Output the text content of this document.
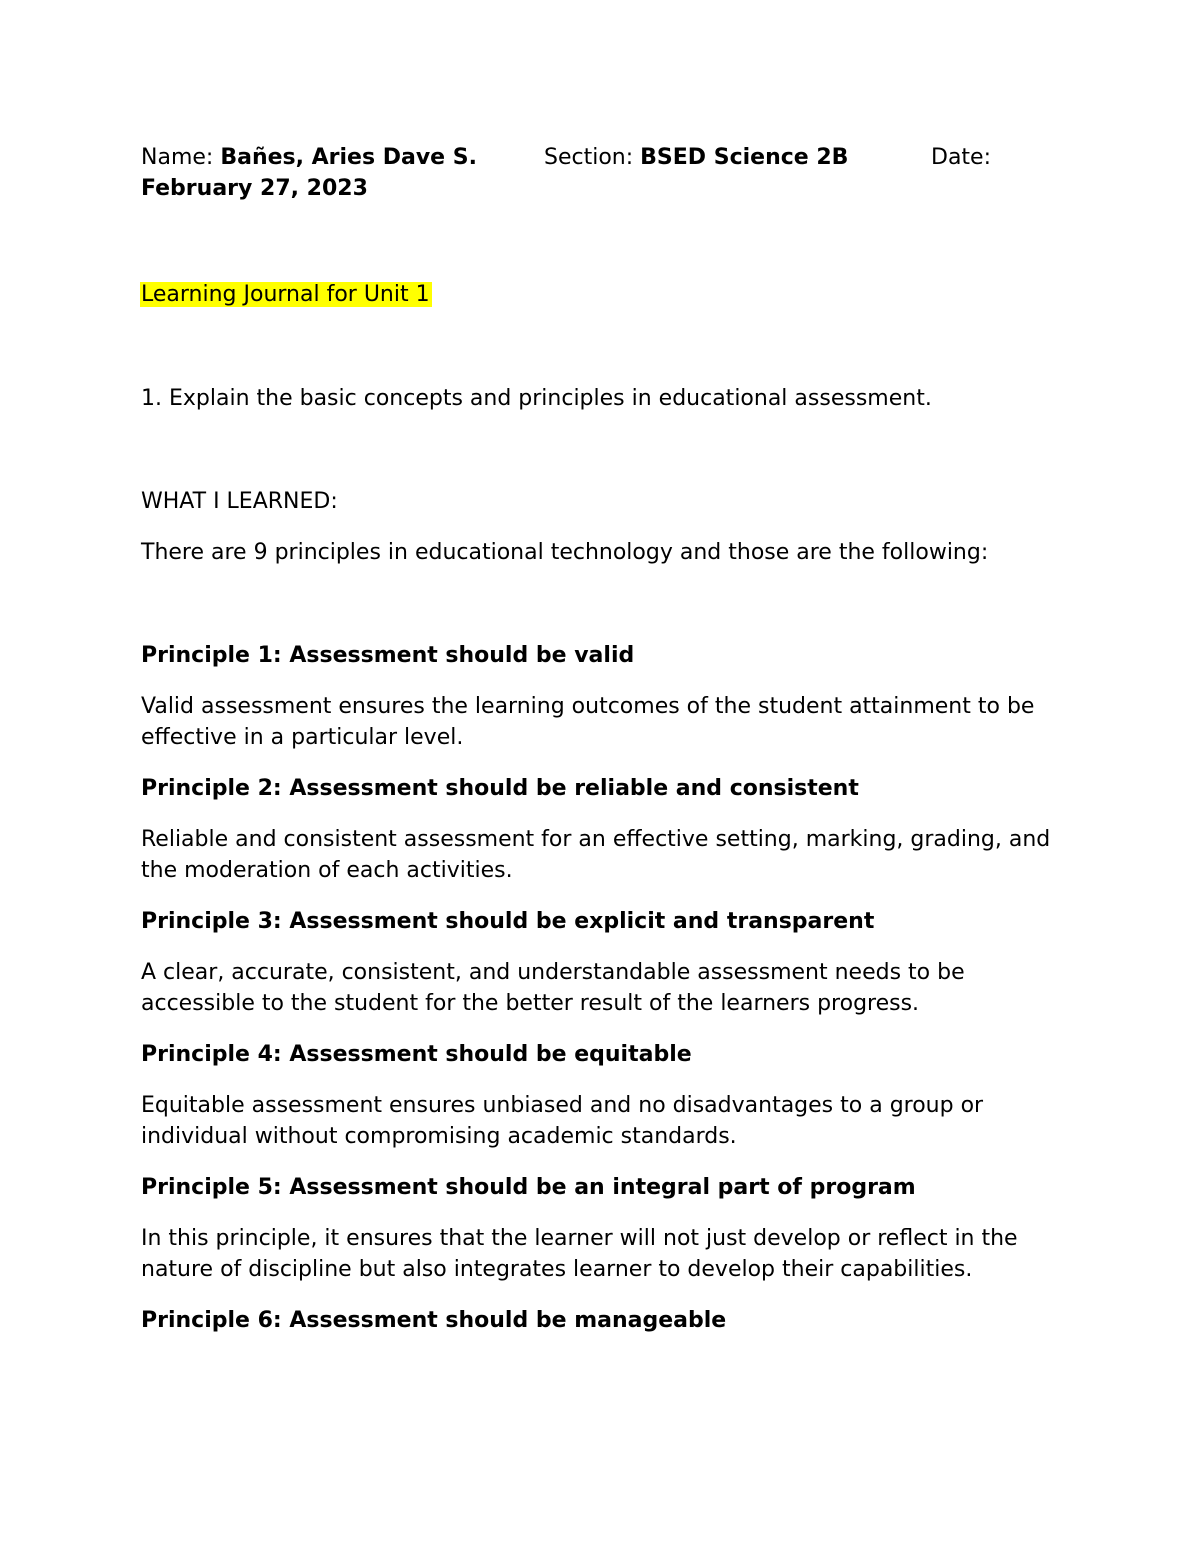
Name: Bañes, Aries Dave S.	Section: BSED Science 2B	Date:
February 27, 2023
Learning Journal for Unit 1
1. Explain the basic concepts and principles in educational assessment.
WHAT I LEARNED:
There are 9 principles in educational technology and those are the following:
Principle 1: Assessment should be valid
Valid assessment ensures the learning outcomes of the student attainment to be effective in a particular level.
Principle 2: Assessment should be reliable and consistent
Reliable and consistent assessment for an effective setting, marking, grading, and the moderation of each activities.
Principle 3: Assessment should be explicit and transparent
A clear, accurate, consistent, and understandable assessment needs to be accessible to the student for the better result of the learners progress.
Principle 4: Assessment should be equitable
Equitable assessment ensures unbiased and no disadvantages to a group or individual without compromising academic standards.
Principle 5: Assessment should be an integral part of program
In this principle, it ensures that the learner will not just develop or reflect in the nature of discipline but also integrates learner to develop their capabilities.
Principle 6: Assessment should be manageable
